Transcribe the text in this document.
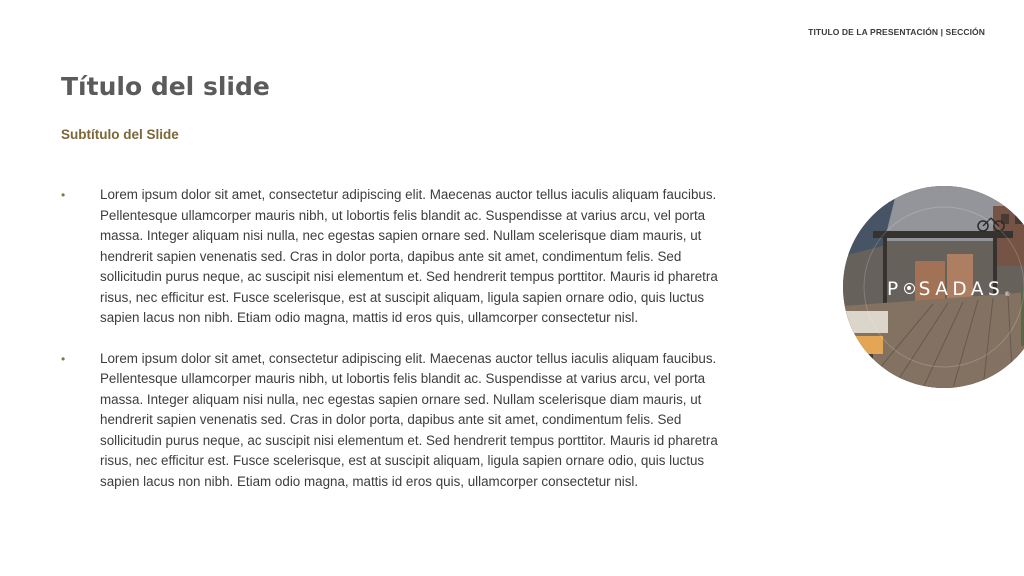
TITULO DE LA PRESENTACIÓN | SECCIÓN
Título del slide
Subtítulo del Slide
•	Lorem ipsum dolor sit amet, consectetur adipiscing elit. Maecenas auctor tellus iaculis aliquam faucibus. Pellentesque ullamcorper mauris nibh, ut lobortis felis blandit ac. Suspendisse at varius arcu, vel porta massa. Integer aliquam nisi nulla, nec egestas sapien ornare sed. Nullam scelerisque diam mauris, ut hendrerit sapien venenatis sed. Cras in dolor porta, dapibus ante sit amet, condimentum felis. Sed sollicitudin purus neque, ac suscipit nisi elementum et. Sed hendrerit tempus porttitor. Mauris id pharetra risus, nec efficitur est. Fusce scelerisque, est at suscipit aliquam, ligula sapien ornare odio, quis luctus sapien lacus non nibh. Etiam odio magna, mattis id eros quis, ullamcorper consectetur nisl.
•	Lorem ipsum dolor sit amet, consectetur adipiscing elit. Maecenas auctor tellus iaculis aliquam faucibus. Pellentesque ullamcorper mauris nibh, ut lobortis felis blandit ac. Suspendisse at varius arcu, vel porta massa. Integer aliquam nisi nulla, nec egestas sapien ornare sed. Nullam scelerisque diam mauris, ut hendrerit sapien venenatis sed. Cras in dolor porta, dapibus ante sit amet, condimentum felis. Sed sollicitudin purus neque, ac suscipit nisi elementum et. Sed hendrerit tempus porttitor. Mauris id pharetra risus, nec efficitur est. Fusce scelerisque, est at suscipit aliquam, ligula sapien ornare odio, quis luctus sapien lacus non nibh. Etiam odio magna, mattis id eros quis, ullamcorper consectetur nisl.
P SADAS®
